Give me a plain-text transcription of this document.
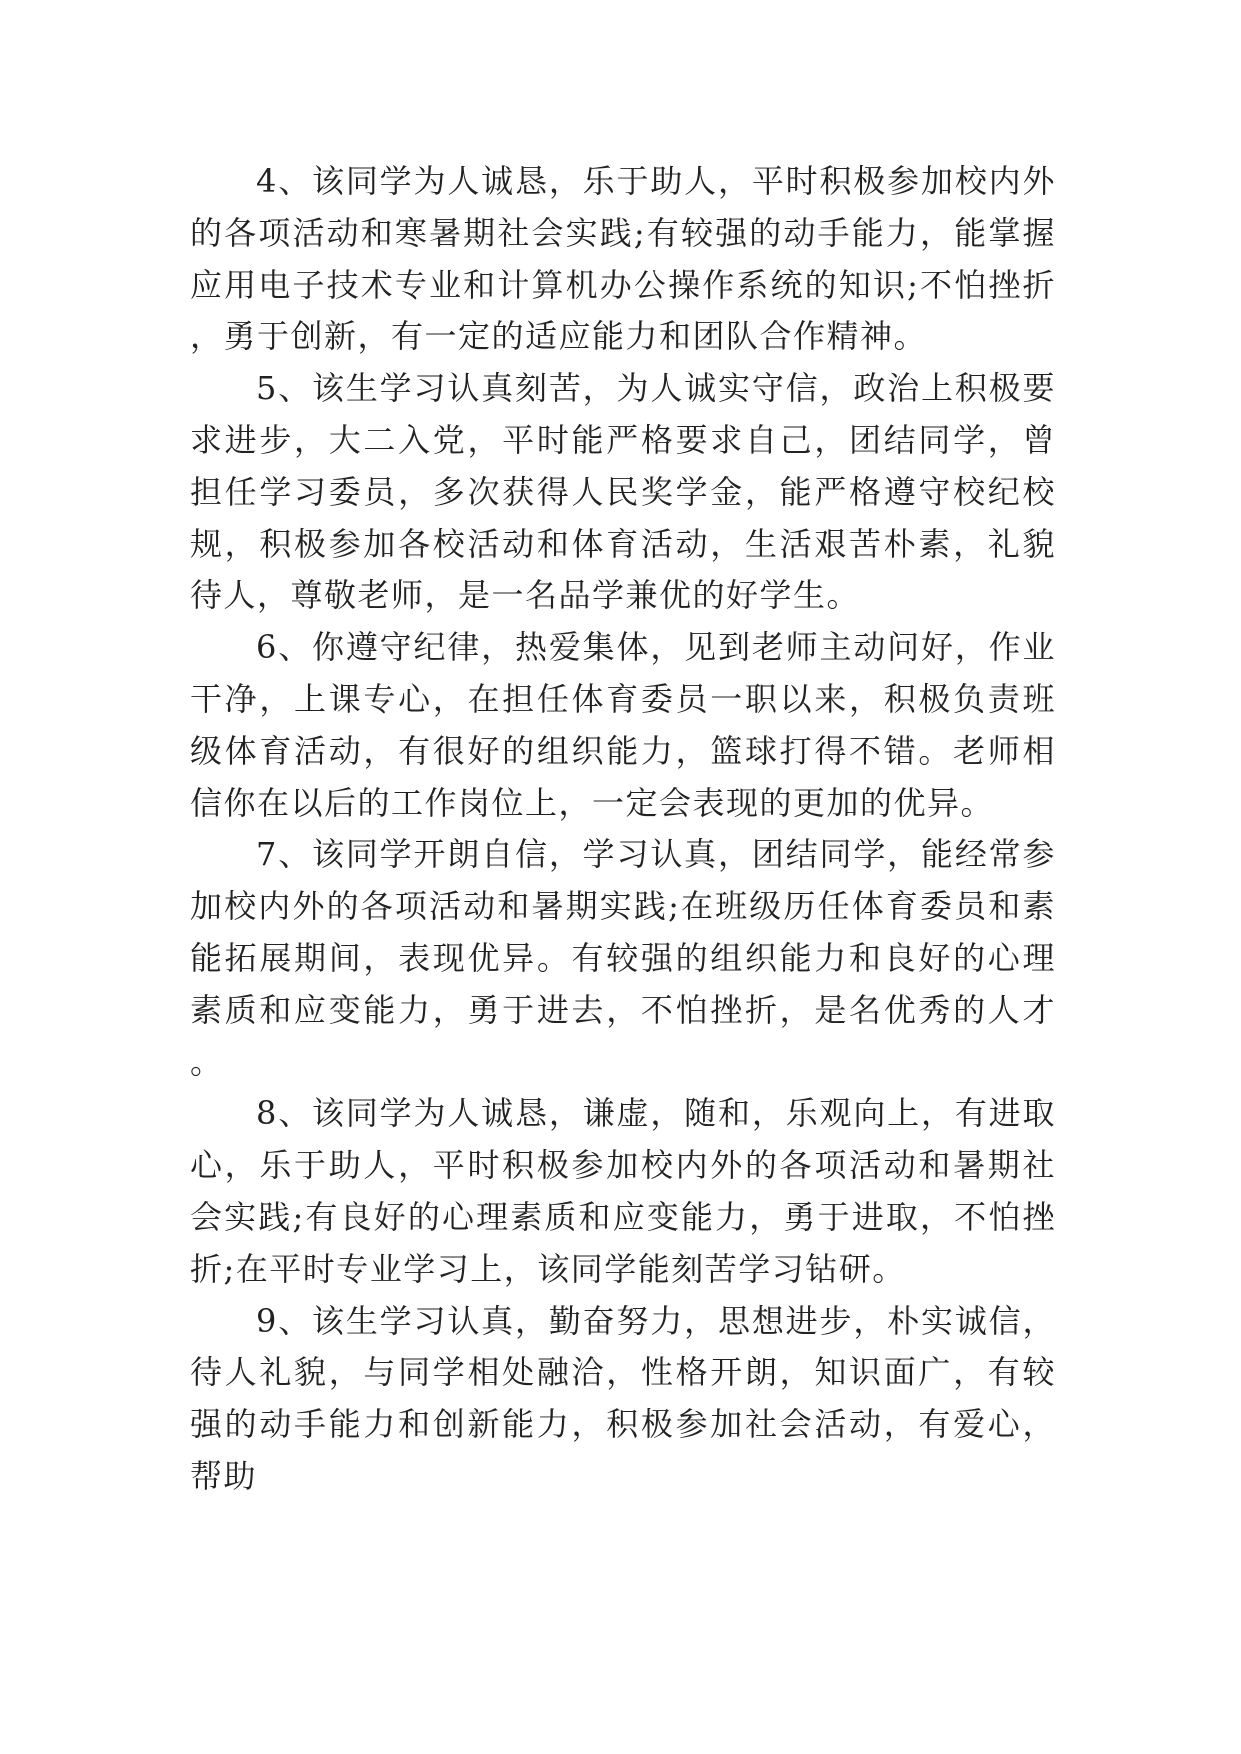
4、该同学为人诚恳，乐于助人，平时积极参加校内外的各项活动和寒暑期社会实践;有较强的动手能力，能掌握应用电子技术专业和计算机办公操作系统的知识;不怕挫折，勇于创新，有一定的适应能力和团队合作精神。

5、该生学习认真刻苦，为人诚实守信，政治上积极要求进步，大二入党，平时能严格要求自己，团结同学，曾担任学习委员，多次获得人民奖学金，能严格遵守校纪校规，积极参加各校活动和体育活动，生活艰苦朴素，礼貌待人，尊敬老师，是一名品学兼优的好学生。

6、你遵守纪律，热爱集体，见到老师主动问好，作业干净，上课专心，在担任体育委员一职以来，积极负责班级体育活动，有很好的组织能力，篮球打得不错。老师相信你在以后的工作岗位上，一定会表现的更加的优异。

7、该同学开朗自信，学习认真，团结同学，能经常参加校内外的各项活动和暑期实践;在班级历任体育委员和素能拓展期间，表现优异。有较强的组织能力和良好的心理素质和应变能力，勇于进去，不怕挫折，是名优秀的人才。

8、该同学为人诚恳，谦虚，随和，乐观向上，有进取心，乐于助人，平时积极参加校内外的各项活动和暑期社会实践;有良好的心理素质和应变能力，勇于进取，不怕挫折;在平时专业学习上，该同学能刻苦学习钻研。

9、该生学习认真，勤奋努力，思想进步，朴实诚信，待人礼貌，与同学相处融洽，性格开朗，知识面广，有较强的动手能力和创新能力，积极参加社会活动，有爱心，帮助
